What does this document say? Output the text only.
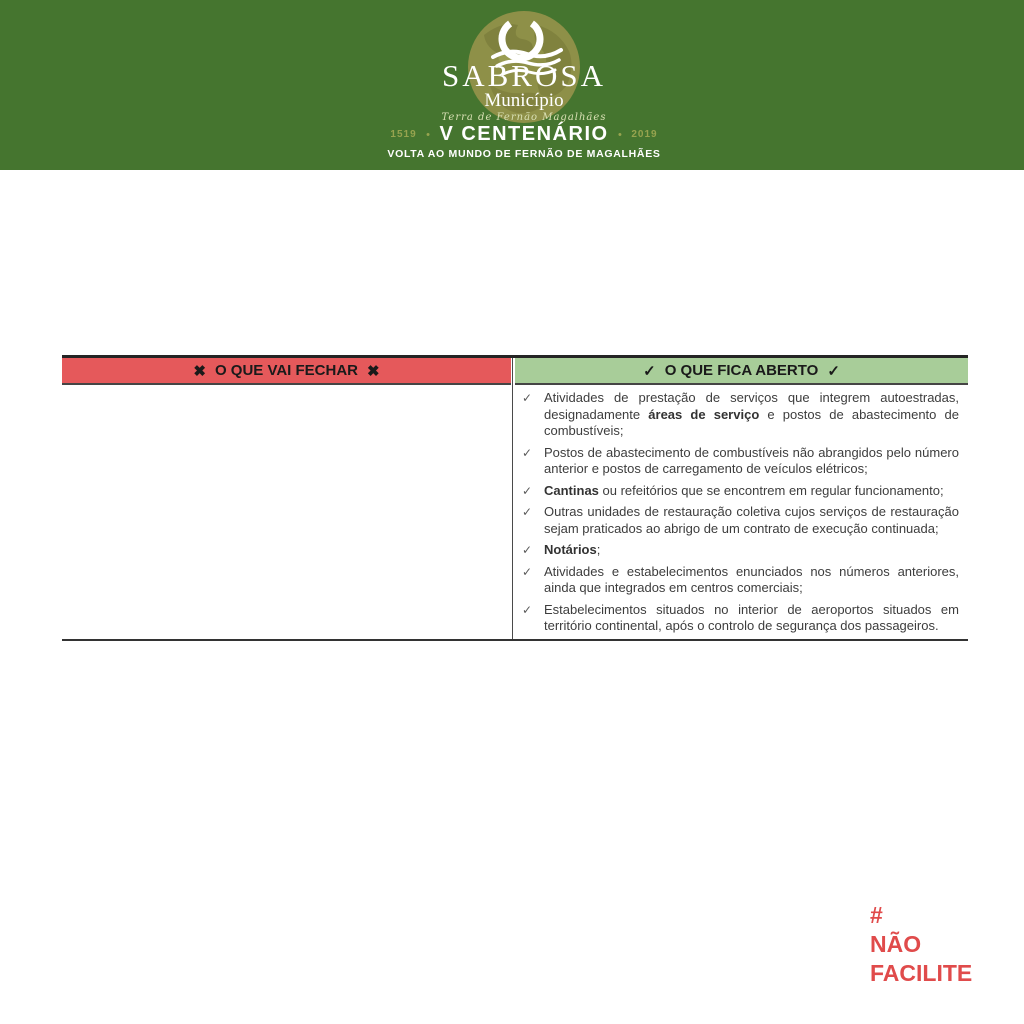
SABROSA
Município
Terra de Fernão Magalhães
1519 • V CENTENÁRIO • 2019
VOLTA AO MUNDO DE FERNÃO DE MAGALHÃES
✖ O QUE VAI FECHAR ✖	✓ O QUE FICA ABERTO ✓
✓ Atividades de prestação de serviços que integrem autoestradas, designadamente áreas de serviço e postos de abastecimento de combustíveis;
✓ Postos de abastecimento de combustíveis não abrangidos pelo número anterior e postos de carregamento de veículos elétricos;
✓ Cantinas ou refeitórios que se encontrem em regular funcionamento;
✓ Outras unidades de restauração coletiva cujos serviços de restauração sejam praticados ao abrigo de um contrato de execução continuada;
✓ Notários;
✓ Atividades e estabelecimentos enunciados nos números anteriores, ainda que integrados em centros comerciais;
✓ Estabelecimentos situados no interior de aeroportos situados em território continental, após o controlo de segurança dos passageiros.
#
NÃO
FACILITE
